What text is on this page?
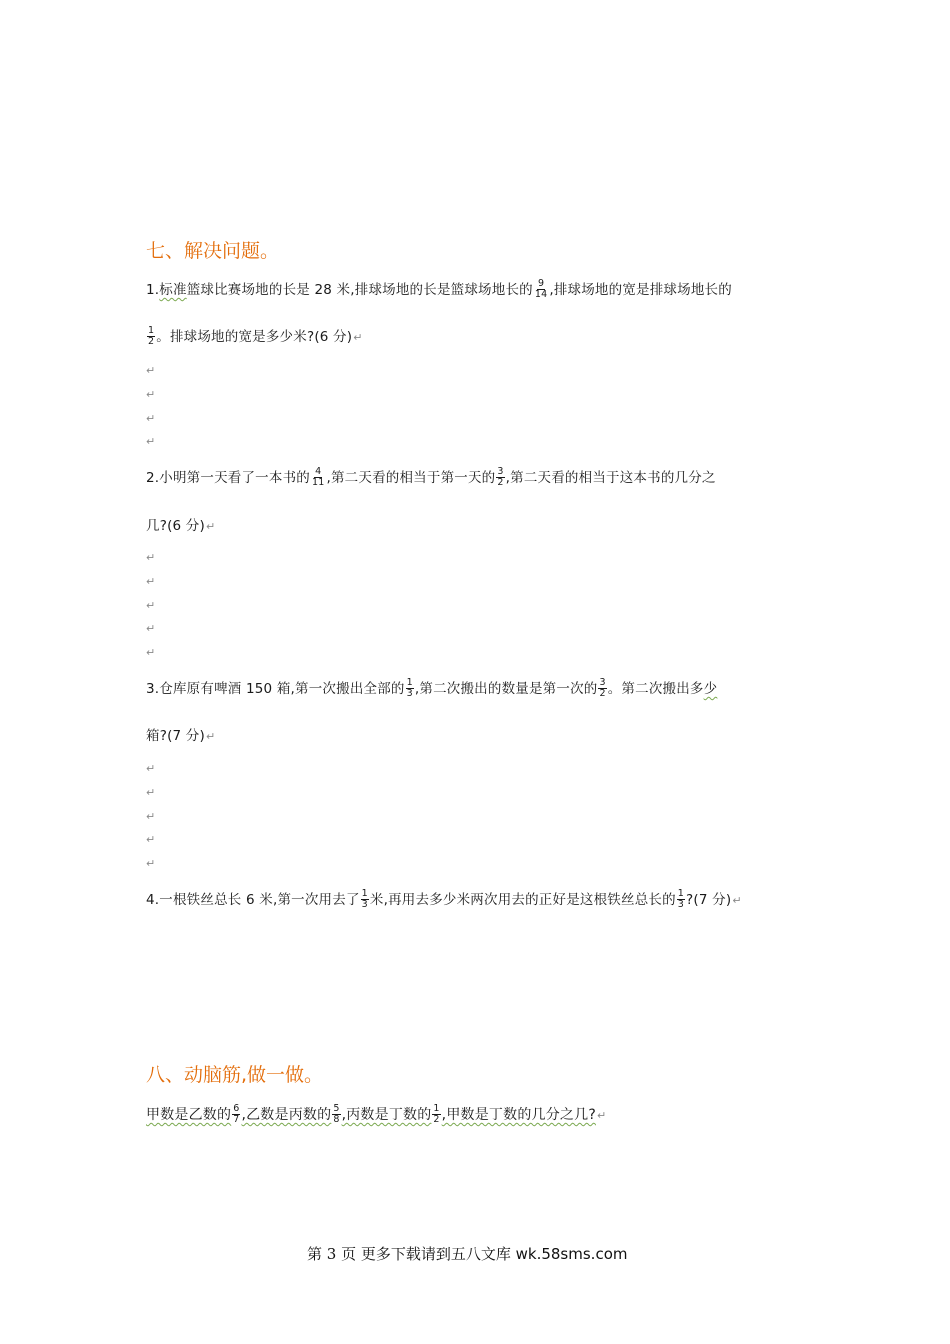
七、解决问题。
1.标准篮球比赛场地的长是 28 米,排球场地的长是篮球场地长的 $\frac{9}{14}$ ,排球场地的宽是排球场地长的
$\frac{1}{2}$ 。排球场地的宽是多少米?(6 分)↵
↵
↵
↵
↵
2.小明第一天看了一本书的 $\frac{4}{11}$ ,第二天看的相当于第一天的 $\frac{3}{2}$ ,第二天看的相当于这本书的几分之
几?(6 分)↵
↵
↵
↵
↵
↵
3.仓库原有啤酒 150 箱,第一次搬出全部的 $\frac{1}{3}$ ,第二次搬出的数量是第一次的 $\frac{3}{2}$ 。第二次搬出多少
箱?(7 分)↵
↵
↵
↵
↵
↵
4.一根铁丝总长 6 米,第一次用去了 $\frac{1}{3}$ 米,再用去多少米两次用去的正好是这根铁丝总长的 $\frac{1}{3}$ ?(7 分)↵
八、动脑筋,做一做。
甲数是乙数的 $\frac{6}{7}$ ,乙数是丙数的 $\frac{5}{8}$ ,丙数是丁数的 $\frac{1}{2}$ ,甲数是丁数的几分之几?↵
第 3 页 更多下载请到五八文库 wk.58sms.com
